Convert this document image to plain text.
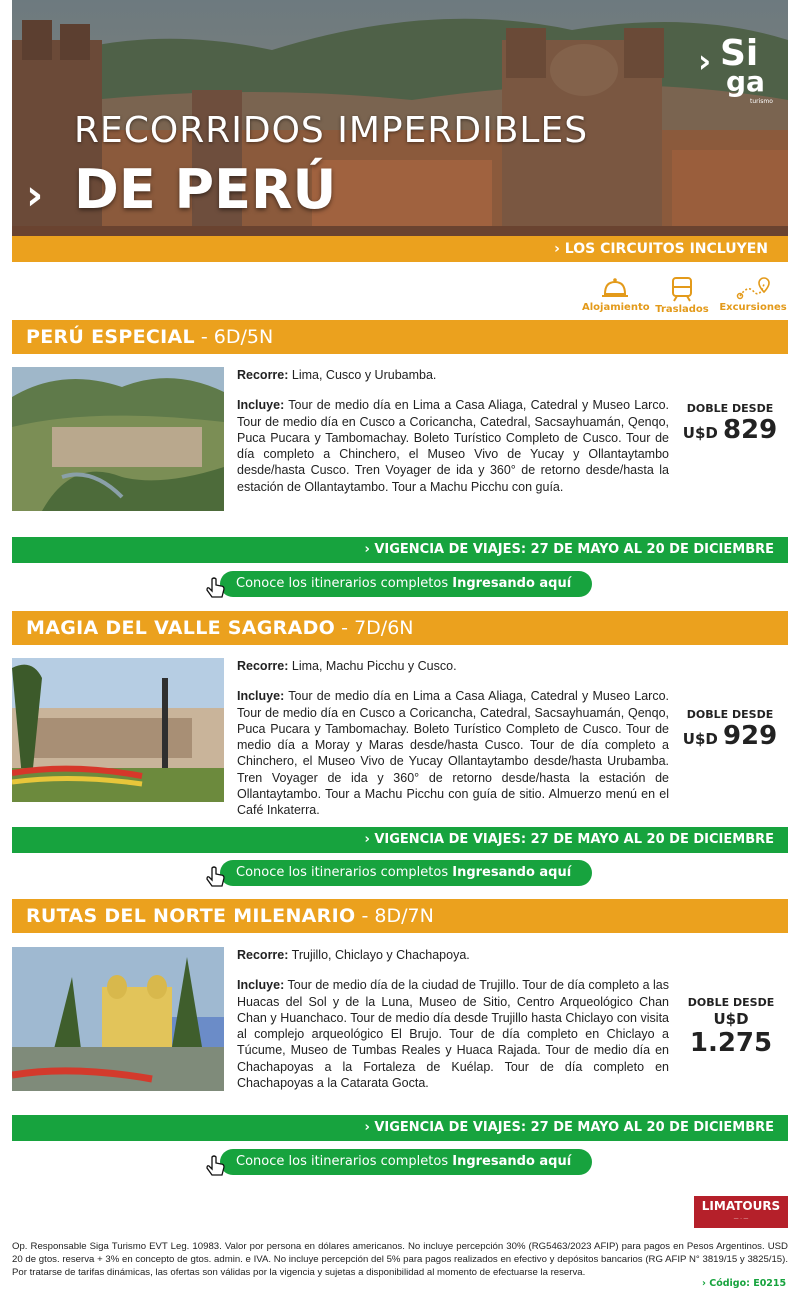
RECORRIDOS IMPERDIBLES
› DE PERÚ
› Si
ga
turismo
› LOS CIRCUITOS INCLUYEN
Alojamiento Traslados Excursiones
PERÚ ESPECIAL - 6D/5N

Recorre: Lima, Cusco y Urubamba.

Incluye: Tour de medio día en Lima a Casa Aliaga, Catedral y Museo Larco. Tour de medio día en Cusco a Coricancha, Catedral, Sacsayhuamán, Qenqo, Puca Pucara y Tambomachay. Boleto Turístico Completo de Cusco. Tour de día completo a Chinchero, el Museo Vivo de Yucay y Ollantaytambo desde/hasta Cusco. Tren Voyager de ida y 360° de retorno desde/hasta la estación de Ollantaytambo. Tour a Machu Picchu con guía.

DOBLE DESDE
U$D 829
› VIGENCIA DE VIAJES: 27 DE MAYO AL 20 DE DICIEMBRE
Conoce los itinerarios completos Ingresando aquí
MAGIA DEL VALLE SAGRADO - 7D/6N

Recorre: Lima, Machu Picchu y Cusco.

Incluye: Tour de medio día en Lima a Casa Aliaga, Catedral y Museo Larco. Tour de medio día en Cusco a Coricancha, Catedral, Sacsayhuamán, Qenqo, Puca Pucara y Tambomachay. Boleto Turístico Completo de Cusco. Tour de medio día a Moray y Maras desde/hasta Cusco. Tour de día completo a Chinchero, el Museo Vivo de Yucay Ollantaytambo desde/hasta Urubamba. Tren Voyager de ida y 360° de retorno desde/hasta la estación de Ollantaytambo. Tour a Machu Picchu con guía de sitio. Almuerzo menú en el Café Inkaterra.

DOBLE DESDE
U$D 929
› VIGENCIA DE VIAJES: 27 DE MAYO AL 20 DE DICIEMBRE
Conoce los itinerarios completos Ingresando aquí
RUTAS DEL NORTE MILENARIO - 8D/7N

Recorre: Trujillo, Chiclayo y Chachapoya.

Incluye: Tour de medio día de la ciudad de Trujillo. Tour de día completo a las Huacas del Sol y de la Luna, Museo de Sitio, Centro Arqueológico Chan Chan y Huanchaco. Tour de medio día desde Trujillo hasta Chiclayo con visita al complejo arqueológico El Brujo. Tour de día completo en Chiclayo a Túcume, Museo de Tumbas Reales y Huaca Rajada. Tour de medio día en Chachapoyas a la Fortaleza de Kuélap. Tour de día completo en Chachapoyas a la Catarata Gocta.

DOBLE DESDE
U$D 1.275
› VIGENCIA DE VIAJES: 27 DE MAYO AL 20 DE DICIEMBRE
Conoce los itinerarios completos Ingresando aquí
LIMATOURS
— · —
Op. Responsable Siga Turismo EVT Leg. 10983. Valor por persona en dólares americanos. No incluye percepción 30% (RG5463/2023 AFIP) para pagos en Pesos Argentinos. USD 20 de gtos. reserva + 3% en concepto de gtos. admin. e IVA. No incluye percepción del 5% para pagos realizados en efectivo y depósitos bancarios (RG AFIP N° 3819/15 y 3825/15). Por tratarse de tarifas dinámicas, las ofertas son válidas por la vigencia y sujetas a disponibilidad al momento de efectuarse la reserva.
› Código: E0215
